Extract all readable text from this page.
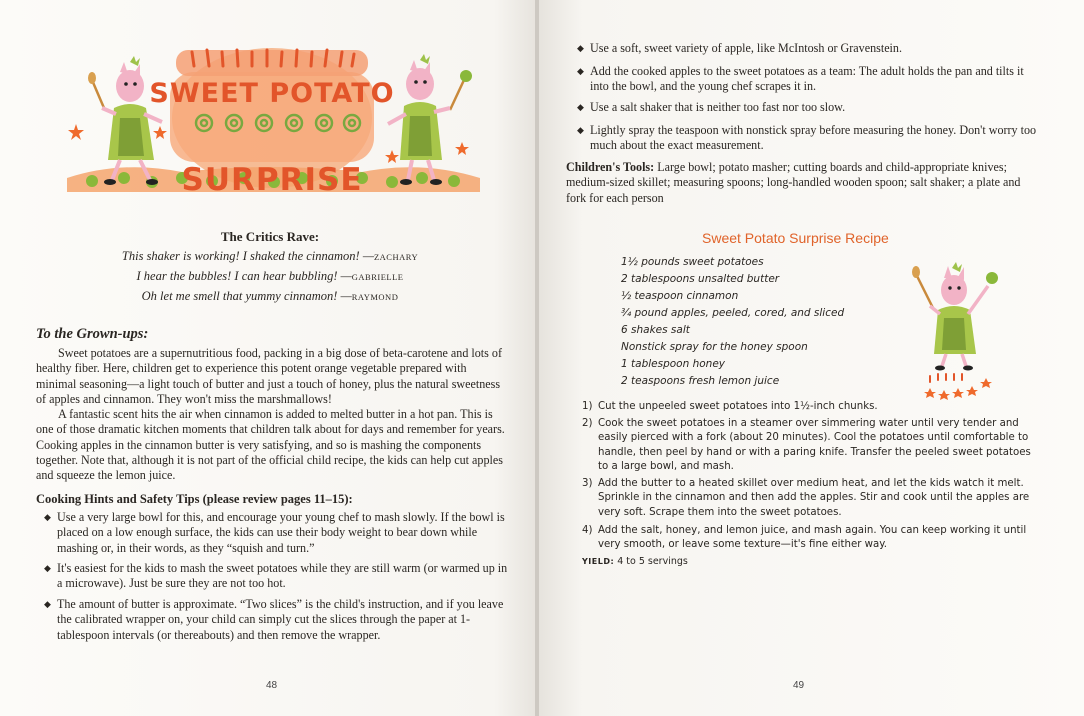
SWEET POTATO
SURPRISE
The Critics Rave:
This shaker is working! I shaked the cinnamon! —ZACHARY
I hear the bubbles! I can hear bubbling! —GABRIELLE
Oh let me smell that yummy cinnamon! —RAYMOND
To the Grown-ups:
Sweet potatoes are a supernutritious food, packing in a big dose of beta-carotene and lots of healthy fiber. Here, children get to experience this potent orange vegetable prepared with minimal seasoning—a light touch of butter and just a touch of honey, plus the natural sweetness of apples and cinnamon. They won't miss the marshmallows!
A fantastic scent hits the air when cinnamon is added to melted butter in a hot pan. This is one of those dramatic kitchen moments that children talk about for days and remember for years. Cooking apples in the cinnamon butter is very satisfying, and so is mashing the components together. Note that, although it is not part of the official child recipe, the kids can help cut apples and squeeze the lemon juice.
Cooking Hints and Safety Tips (please review pages 11–15):
◆ Use a very large bowl for this, and encourage your young chef to mash slowly. If the bowl is placed on a low enough surface, the kids can use their body weight to bear down while mashing or, in their words, as they “squish and turn.”
◆ It's easiest for the kids to mash the sweet potatoes while they are still warm (or warmed up in a microwave). Just be sure they are not too hot.
◆ The amount of butter is approximate. “Two slices” is the child's instruction, and if you leave the calibrated wrapper on, your child can simply cut the slices through the paper at 1-tablespoon intervals (or thereabouts) and then remove the wrapper.
48
◆ Use a soft, sweet variety of apple, like McIntosh or Gravenstein.
◆ Add the cooked apples to the sweet potatoes as a team: The adult holds the pan and tilts it into the bowl, and the young chef scrapes it in.
◆ Use a salt shaker that is neither too fast nor too slow.
◆ Lightly spray the teaspoon with nonstick spray before measuring the honey. Don't worry too much about the exact measurement.
Children's Tools: Large bowl; potato masher; cutting boards and child-appropriate knives; medium-sized skillet; measuring spoons; long-handled wooden spoon; salt shaker; a plate and fork for each person
Sweet Potato Surprise Recipe
1½ pounds sweet potatoes
2 tablespoons unsalted butter
½ teaspoon cinnamon
¾ pound apples, peeled, cored, and sliced
6 shakes salt
Nonstick spray for the honey spoon
1 tablespoon honey
2 teaspoons fresh lemon juice
1) Cut the unpeeled sweet potatoes into 1½-inch chunks.
2) Cook the sweet potatoes in a steamer over simmering water until very tender and easily pierced with a fork (about 20 minutes). Cool the potatoes until comfortable to handle, then peel by hand or with a paring knife. Transfer the peeled sweet potatoes to a large bowl, and mash.
3) Add the butter to a heated skillet over medium heat, and let the kids watch it melt. Sprinkle in the cinnamon and then add the apples. Stir and cook until the apples are very soft. Scrape them into the sweet potatoes.
4) Add the salt, honey, and lemon juice, and mash again. You can keep working it until very smooth, or leave some texture—it's fine either way.
YIELD: 4 to 5 servings
49
